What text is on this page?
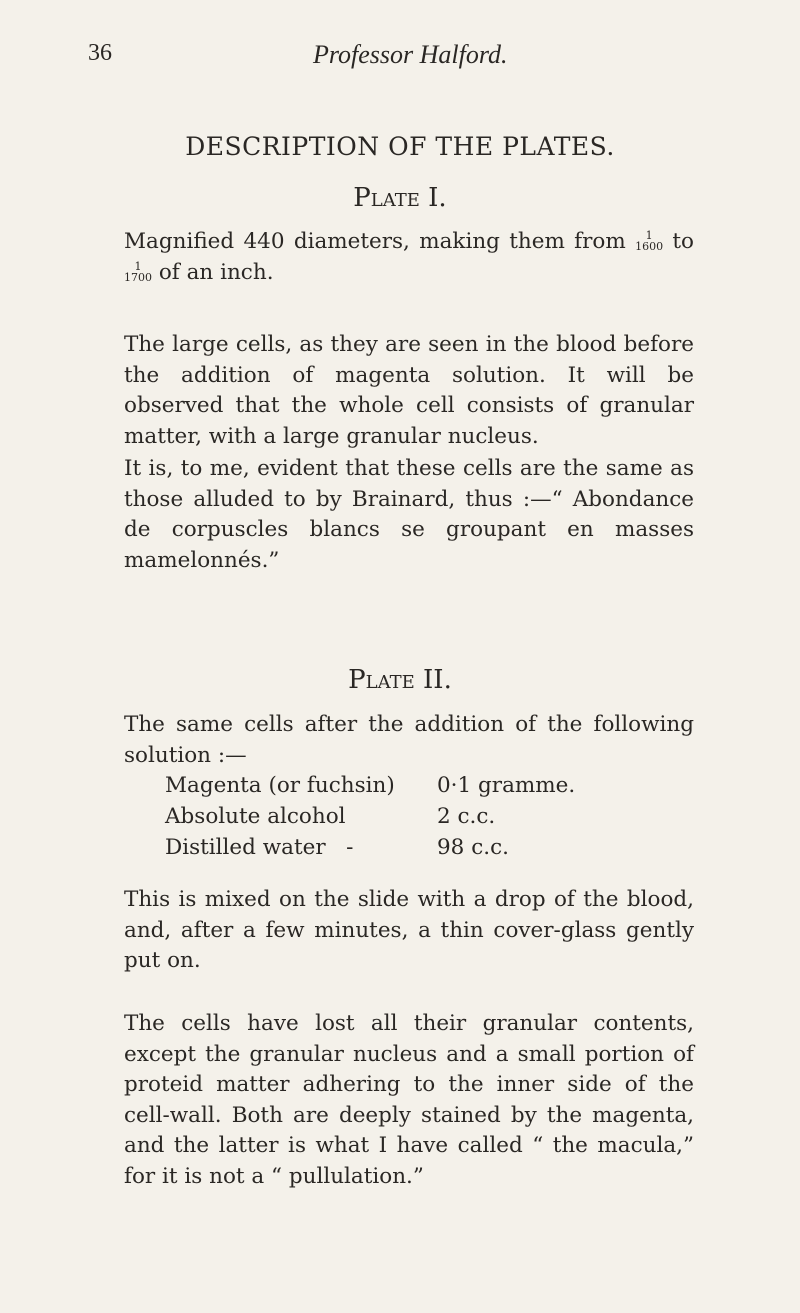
36	Professor Halford.
DESCRIPTION OF THE PLATES.
Plate I.
Magnified 440 diameters, making them from	1
1600 to
1
1700 of an inch.
The large cells, as they are seen in the blood before the addition of magenta solution. It will be observed that the whole cell consists of granular matter, with a large granular nucleus.
It is, to me, evident that these cells are the same as those alluded to by Brainard, thus :—“ Abondance de corpuscles blancs se groupant en masses mamelonnés.”
Plate II.
The same cells after the addition of the following solution :—
Magenta (or fuchsin) 0·1 gramme.
Absolute alcohol	2 c.c.
Distilled water   -	98 c.c.
This is mixed on the slide with a drop of the blood, and, after a few minutes, a thin cover-glass gently put on.
The cells have lost all their granular contents, except the granular nucleus and a small portion of proteid matter adhering to the inner side of the cell-wall. Both are deeply stained by the magenta, and the latter is what I have called “ the macula,” for it is not a “ pullulation.”
